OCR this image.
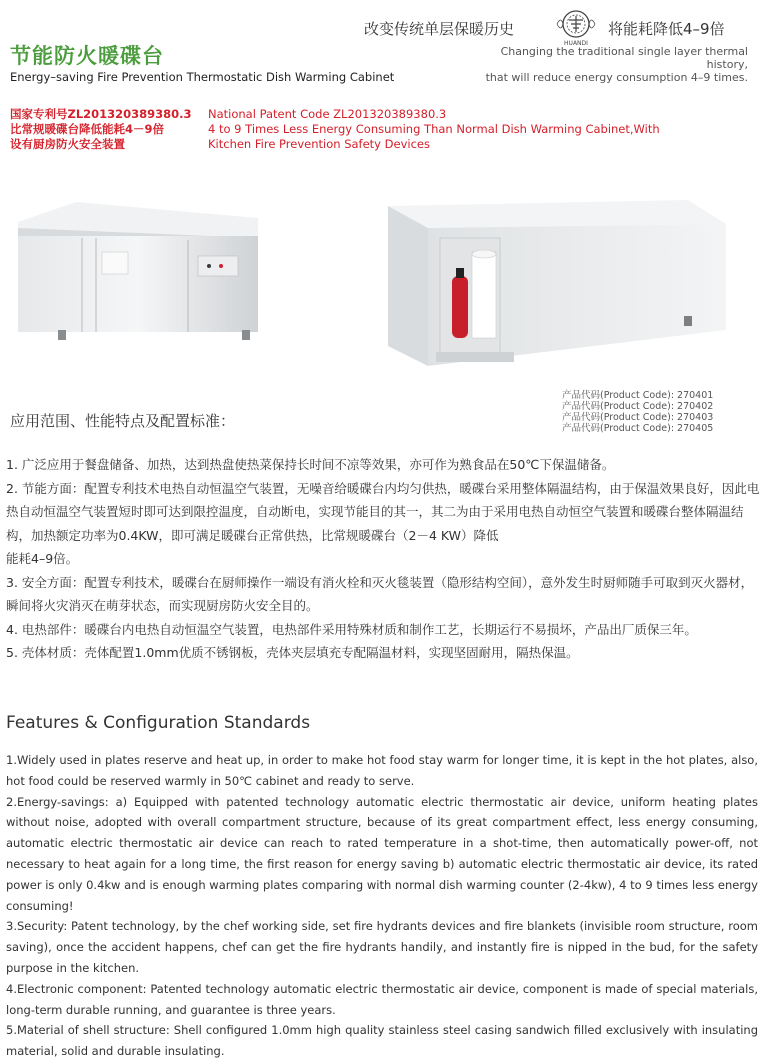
改变传统单层保暖历史
HUANDI
将能耗降低4–9倍
Changing the traditional single layer thermal history,
that will reduce energy consumption 4–9 times.
节能防火暖碟台
Energy–saving Fire Prevention Thermostatic Dish Warming Cabinet
国家专利号ZL201320389380.3
比常规暖碟台降低能耗4－9倍
设有厨房防火安全装置
National Patent Code ZL201320389380.3
4 to 9 Times Less Energy Consuming Than Normal Dish Warming Cabinet,With
Kitchen Fire Prevention Safety Devices
产品代码(Product Code): 270401
产品代码(Product Code): 270402
产品代码(Product Code): 270403
产品代码(Product Code): 270405
应用范围、性能特点及配置标准：

1. 广泛应用于餐盘储备、加热，达到热盘使热菜保持长时间不凉等效果，亦可作为熟食品在50℃下保温储备。

2. 节能方面：配置专利技术电热自动恒温空气装置，无噪音给暖碟台内均匀供热，暖碟台采用整体隔温结构，由于保温效果良好，因此电热自动恒温空气装置短时即可达到限控温度，自动断电，实现节能目的其一，其二为由于采用电热自动恒空气装置和暖碟台整体隔温结构，加热额定功率为0.4KW，即可满足暖碟台正常供热，比常规暖碟台（2－4 KW）降低

能耗4–9倍。

3. 安全方面：配置专利技术，暖碟台在厨师操作一端设有消火栓和灭火毯装置（隐形结构空间），意外发生时厨师随手可取到灭火器材，瞬间将火灾消灭在萌芽状态，而实现厨房防火安全目的。

4. 电热部件：暖碟台内电热自动恒温空气装置，电热部件采用特殊材质和制作工艺，长期运行不易损坏，产品出厂质保三年。

5. 壳体材质：壳体配置1.0mm优质不锈钢板，壳体夹层填充专配隔温材料，实现坚固耐用，隔热保温。

Features & Configuration Standards

1.Widely used in plates reserve and heat up, in order to make hot food stay warm for longer time, it is kept in the hot plates, also, hot food could be reserved warmly in 50℃ cabinet and ready to serve.

2.Energy-savings: a) Equipped with patented technology automatic electric thermostatic air device, uniform heating plates without noise, adopted with overall compartment structure, because of its great compartment effect, less energy consuming, automatic electric thermostatic air device can reach to rated temperature in a shot-time, then automatically power-off, not necessary to heat again for a long time, the first reason for energy saving b) automatic electric thermostatic air device, its rated power is only 0.4kw and is enough warming plates comparing with normal dish warming counter (2-4kw), 4 to 9 times less energy consuming!

3.Security: Patent technology, by the chef working side, set fire hydrants devices and fire blankets (invisible room structure, room saving), once the accident happens, chef can get the fire hydrants handily, and instantly fire is nipped in the bud, for the safety purpose in the kitchen.

4.Electronic component: Patented technology automatic electric thermostatic air device, component is made of special materials, long-term durable running, and guarantee is three years.

5.Material of shell structure: Shell configured 1.0mm high quality stainless steel casing sandwich filled exclusively with insulating material, solid and durable insulating.
